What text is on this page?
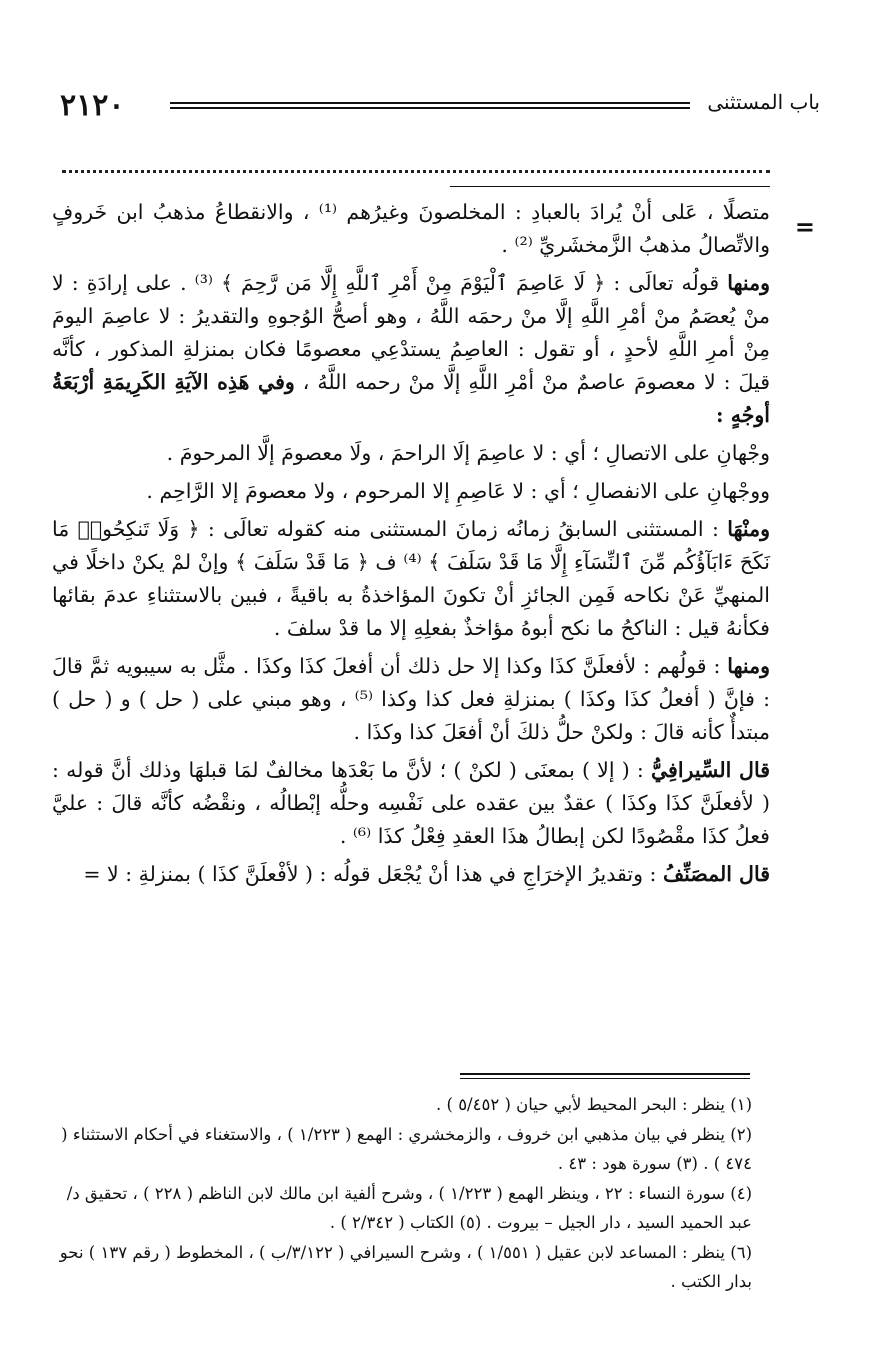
٢١٢٠	باب المستثنى
=

متصلًا ، عَلى أنْ يُرادَ بالعبادِ : المخلصونَ وغيرُهم ⁽¹⁾ ، والانقطاعُ مذهبُ ابن خَروفٍ والاتِّصالُ مذهبُ الزَّمخشَريِّ ⁽²⁾ .

ومنها قولُه تعالَى : ﴿ لَا عَاصِمَ ٱلْيَوْمَ مِنْ أَمْرِ ٱللَّهِ إِلَّا مَن رَّحِمَ ﴾ ⁽³⁾ . على إرادَةِ : لا منْ يُعصَمُ منْ أمْرِ اللَّهِ إلَّا منْ رحمَه اللَّهُ ، وهو أصحُّ الوُجوهِ والتقديرُ : لا عاصِمَ اليومَ مِنْ أمرِ اللَّهِ لأحدٍ ، أو تقول : العاصِمُ يستدْعِي معصومًا فكان بمنزلةِ المذكور ، كأنَّه قيلَ : لا معصومَ عاصمٌ منْ أمْرِ اللَّهِ إلَّا منْ رحمه اللَّهُ ، وفي هَذِه الآيَةِ الكَرِيمَةِ أرْبَعَةُ أوجُهٍ :

وجْهانِ على الاتصالِ ؛ أي : لا عاصِمَ إلَا الراحمَ ، ولَا معصومَ إلَّا المرحومَ .

ووجْهانِ على الانفصالِ ؛ أي : لا عَاصِمِ إلا المرحوم ، ولا معصومَ إلا الرَّاحِم .

ومنْهَا : المستثنى السابقُ زمانُه زمانَ المستثنى منه كقوله تعالَى : ﴿ وَلَا تَنكِحُوا۟ مَا نَكَحَ ءَابَآؤُكُم مِّنَ ٱلنِّسَآءِ إِلَّا مَا قَدْ سَلَفَ ﴾ ⁽⁴⁾ ف ﴿ مَا قَدْ سَلَفَ ﴾ وإنْ لمْ يكنْ داخلًا في المنهيِّ عَنْ نكاحه فَمِن الجائزِ أنْ تكونَ المؤاخذةُ به باقيةً ، فبين بالاستثناءِ عدمَ بقائها فكأنهُ قيل : الناكحُ ما نكح أبوهُ مؤاخذٌ بفعلِهِ إلا ما قدْ سلفَ .

ومنها : قولُهم : لأفعلَنَّ كذَا وكذا إلا حل ذلك أن أفعلَ كذَا وكذَا . مثَّل به سيبويه ثمَّ قالَ : فإنَّ ( أفعلُ كذَا وكذَا ) بمنزلةِ فعل كذا وكذا ⁽⁵⁾ ، وهو مبني على ( حل ) و ( حل ) مبتدأٌ كأنه قالَ : ولكنْ حلُّ ذلكَ أنْ أفعَلَ كذا وكذَا .

قال السِّيرافِيُّ : ( إلا ) بمعنَى ( لكنْ ) ؛ لأنَّ ما بَعْدَها مخالفٌ لمَا قبلهَا وذلك أنَّ قوله : ( لأفعلَنَّ كذَا وكذَا ) عقدٌ بين عقده على نَفْسِه وحلُّه إبْطالُه ، ونقْضُه كأنَّه قالَ : عليَّ فعلُ كذَا مقْصُودًا لكن إبطالُ هذَا العقدِ فِعْلُ كذَا ⁽⁶⁾ .

قال المصَنِّفُ : وتقديرُ الإخرَاجِ في هذا أنْ يُجْعَل قولُه : ( لأفْعلَنَّ كذَا ) بمنزلةِ : لا =

(١) ينظر : البحر المحيط لأبي حيان ( ٥/٤٥٢ ) .
(٢) ينظر في بيان مذهبي ابن خروف ، والزمخشري : الهمع ( ١/٢٢٣ ) ، والاستغناء في أحكام الاستثناء ( ٤٧٤ ) . (٣) سورة هود : ٤٣ .
(٤) سورة النساء : ٢٢ ، وينظر الهمع ( ١/٢٢٣ ) ، وشرح ألفية ابن مالك لابن الناظم ( ٢٢٨ ) ، تحقيق د/ عبد الحميد السيد ، دار الجيل – بيروت . (٥) الكتاب ( ٢/٣٤٢ ) .
(٦) ينظر : المساعد لابن عقيل ( ١/٥٥١ ) ، وشرح السيرافي ( ٣/١٢٢/ب ) ، المخطوط ( رقم ١٣٧ ) نحو بدار الكتب .
